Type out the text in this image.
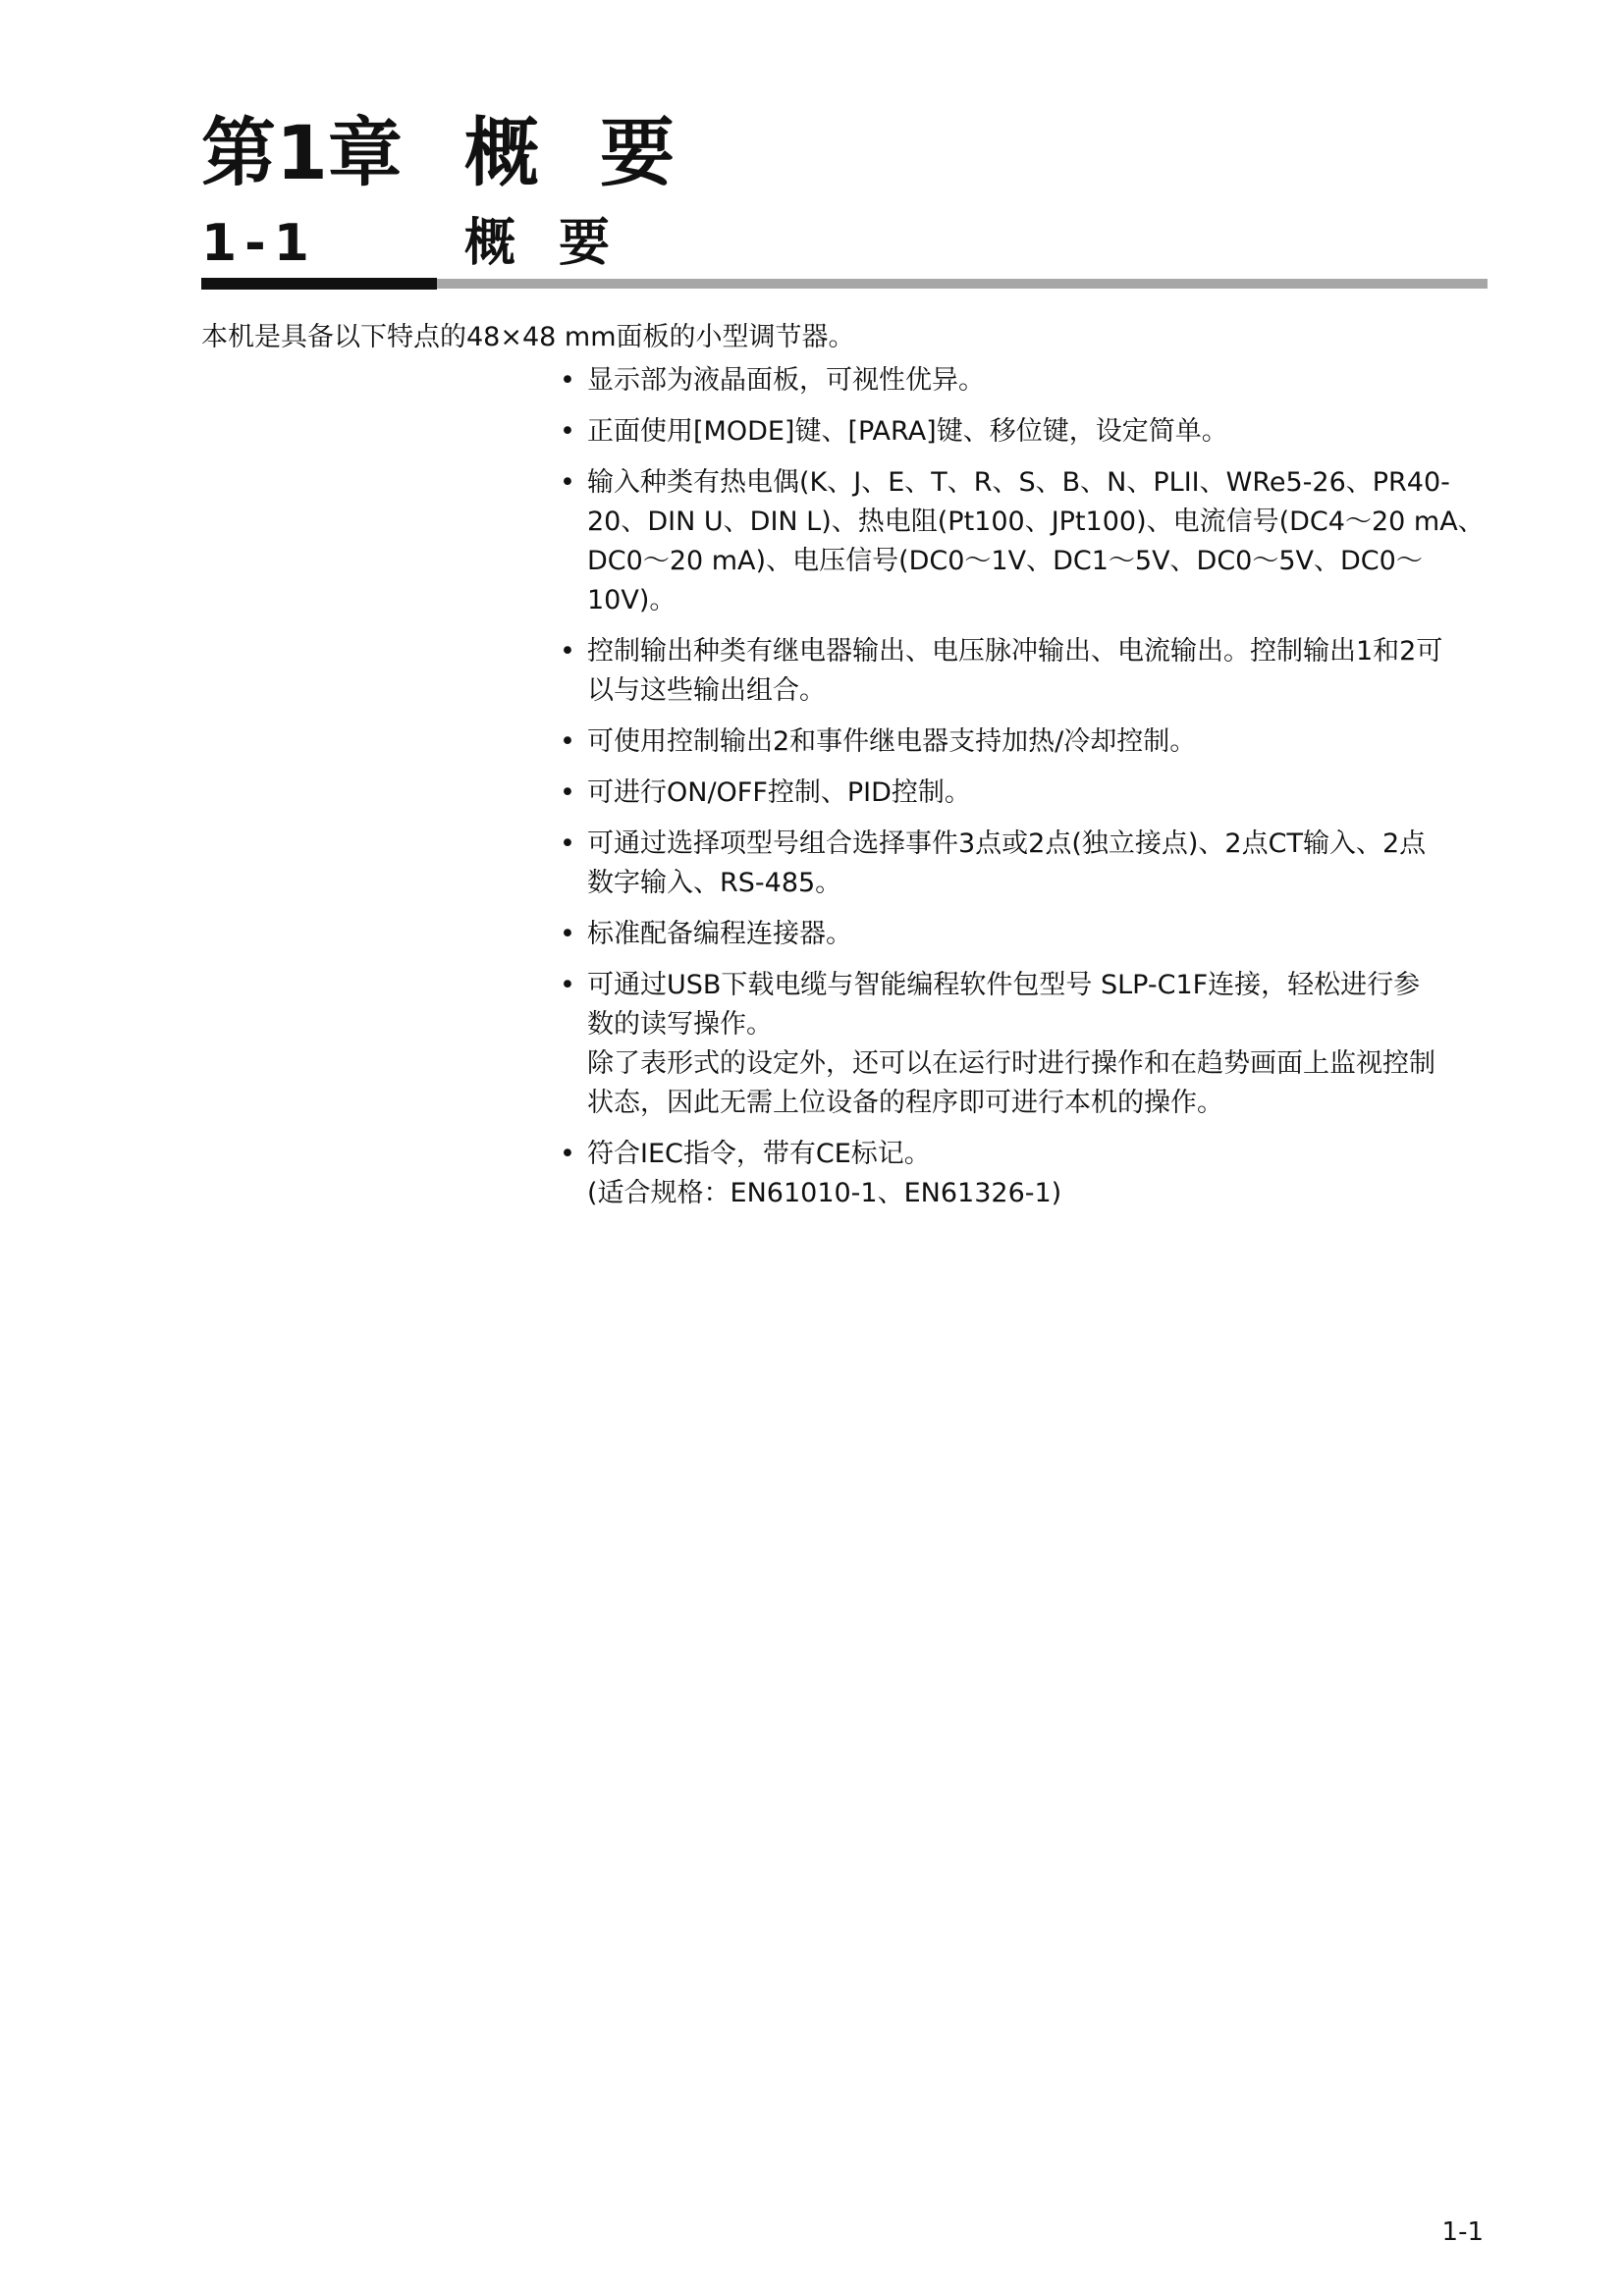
第1章 概要
1-1	概要
本机是具备以下特点的48×48 mm面板的小型调节器。
• 显示部为液晶面板，可视性优异。
• 正面使用[MODE]键、[PARA]键、移位键，设定简单。
• 输入种类有热电偶(K、J、E、T、R、S、B、N、PLII、WRe5-26、PR40-
20、DIN U、DIN L)、热电阻(Pt100、JPt100)、电流信号(DC4～20 mA、
DC0～20 mA)、电压信号(DC0～1V、DC1～5V、DC0～5V、DC0～
10V)。
• 控制输出种类有继电器输出、电压脉冲输出、电流输出。控制输出1和2可
以与这些输出组合。
• 可使用控制输出2和事件继电器支持加热/冷却控制。
• 可进行ON/OFF控制、PID控制。
• 可通过选择项型号组合选择事件3点或2点(独立接点)、2点CT输入、2点
数字输入、RS-485。
• 标准配备编程连接器。
• 可通过USB下载电缆与智能编程软件包型号 SLP-C1F连接，轻松进行参
数的读写操作。
除了表形式的设定外，还可以在运行时进行操作和在趋势画面上监视控制
状态，因此无需上位设备的程序即可进行本机的操作。
• 符合IEC指令，带有CE标记。
(适合规格：EN61010-1、EN61326-1)
1-1
